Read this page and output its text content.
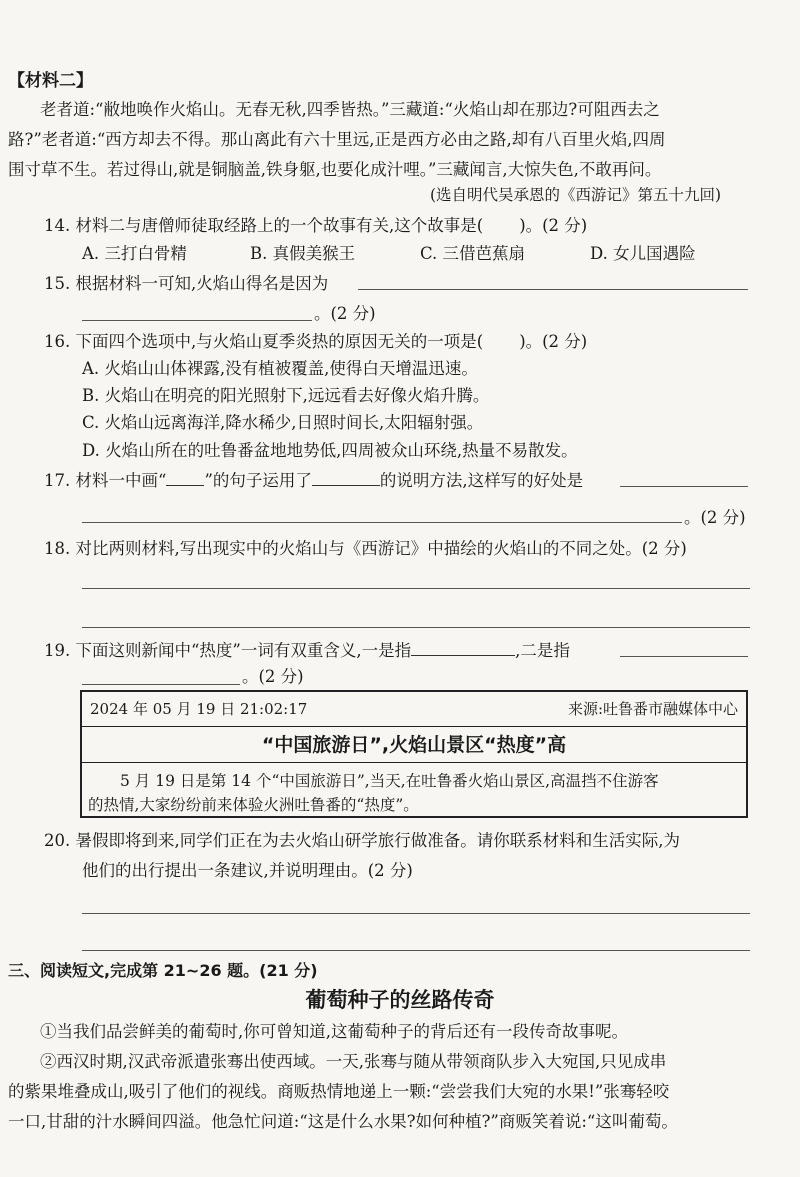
【材料二】
老者道:“敝地唤作火焰山。无春无秋,四季皆热。”三藏道:“火焰山却在那边?可阻西去之
路?”老者道:“西方却去不得。那山离此有六十里远,正是西方必由之路,却有八百里火焰,四周
围寸草不生。若过得山,就是铜脑盖,铁身躯,也要化成汁哩。”三藏闻言,大惊失色,不敢再问。
(选自明代吴承恩的《西游记》第五十九回)
14. 材料二与唐僧师徒取经路上的一个故事有关,这个故事是( )。(2 分)
A. 三打白骨精	B. 真假美猴王	C. 三借芭蕉扇	D. 女儿国遇险
15. 根据材料一可知,火焰山得名是因为
。(2 分)
16. 下面四个选项中,与火焰山夏季炎热的原因无关的一项是( )。(2 分)
A. 火焰山山体裸露,没有植被覆盖,使得白天增温迅速。
B. 火焰山在明亮的阳光照射下,远远看去好像火焰升腾。
C. 火焰山远离海洋,降水稀少,日照时间长,太阳辐射强。
D. 火焰山所在的吐鲁番盆地地势低,四周被众山环绕,热量不易散发。
17. 材料一中画“ ”的句子运用了	的说明方法,这样写的好处是
。(2 分)
18. 对比两则材料,写出现实中的火焰山与《西游记》中描绘的火焰山的不同之处。(2 分)
19. 下面这则新闻中“热度”一词有双重含义,一是指	,二是指
。(2 分)
2024 年 05 月 19 日 21:02:17	来源:吐鲁番市融媒体中心
“中国旅游日”,火焰山景区“热度”高
5 月 19 日是第 14 个“中国旅游日”,当天,在吐鲁番火焰山景区,高温挡不住游客
的热情,大家纷纷前来体验火洲吐鲁番的“热度”。
20. 暑假即将到来,同学们正在为去火焰山研学旅行做准备。请你联系材料和生活实际,为
他们的出行提出一条建议,并说明理由。(2 分)
三、阅读短文,完成第 21~26 题。(21 分)
葡萄种子的丝路传奇
①当我们品尝鲜美的葡萄时,你可曾知道,这葡萄种子的背后还有一段传奇故事呢。
②西汉时期,汉武帝派遣张骞出使西域。一天,张骞与随从带领商队步入大宛国,只见成串
的紫果堆叠成山,吸引了他们的视线。商贩热情地递上一颗:“尝尝我们大宛的水果!”张骞轻咬
一口,甘甜的汁水瞬间四溢。他急忙问道:“这是什么水果?如何种植?”商贩笑着说:“这叫葡萄。
